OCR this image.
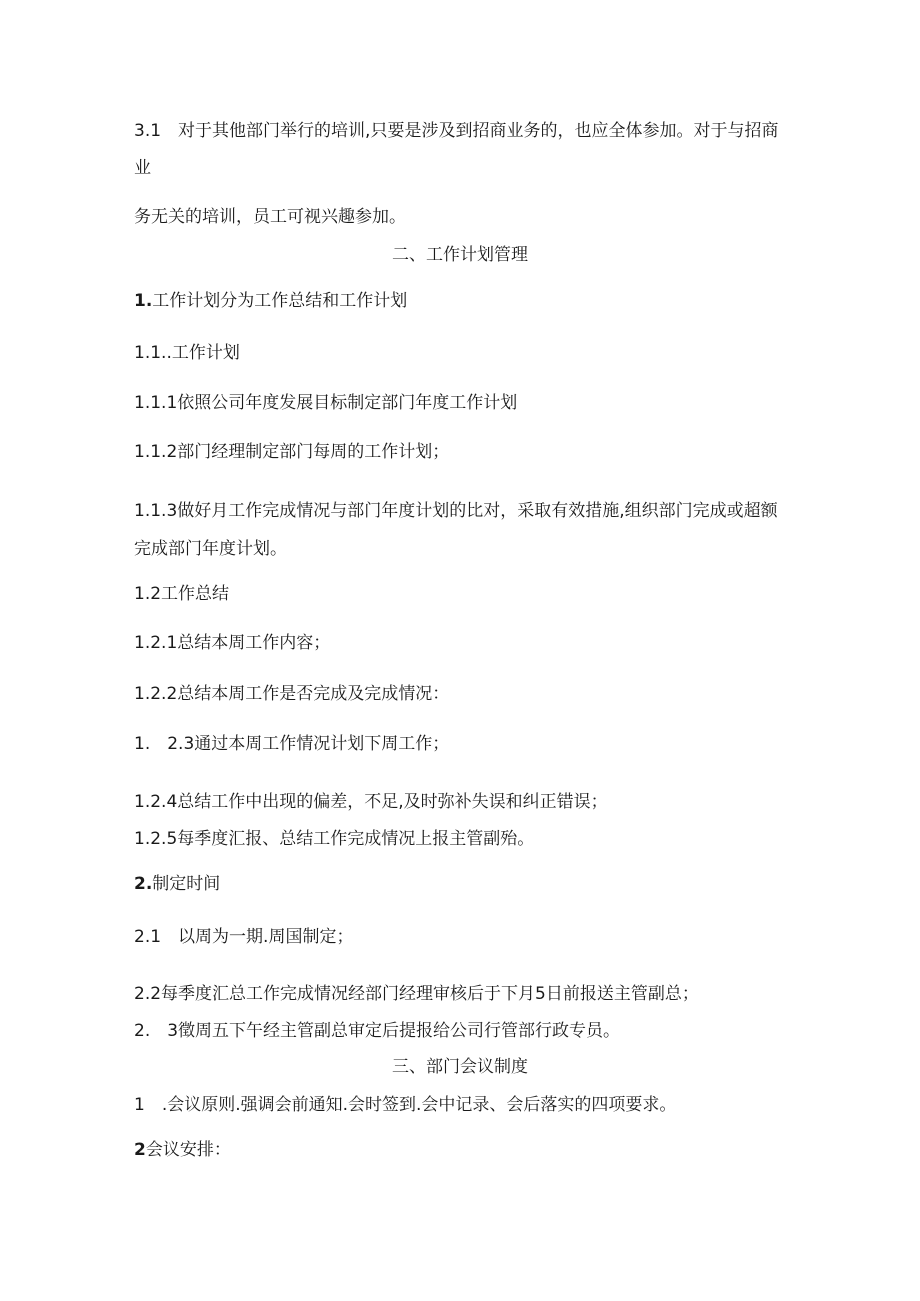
3.1　对于其他部门举行的培训,只要是涉及到招商业务的，也应全体参加。对于与招商
业
务无关的培训，员工可视兴趣参加。
二、工作计划管理
1.工作计划分为工作总结和工作计划
1.1..工作计划
1.1.1依照公司年度发展目标制定部门年度工作计划
1.1.2部门经理制定部门每周的工作计划；
1.1.3做好月工作完成情况与部门年度计划的比对，采取有效措施,组织部门完成或超额
完成部门年度计划。
1.2工作总结
1.2.1总结本周工作内容；
1.2.2总结本周工作是否完成及完成情况：
1.　2.3通过本周工作情况计划下周工作；
1.2.4总结工作中出现的偏差，不足,及时弥补失误和纠正错误；
1.2.5每季度汇报、总结工作完成情况上报主管副殆。
2.制定时间
2.1　以周为一期.周国制定；
2.2每季度汇总工作完成情况经部门经理审核后于下月5日前报送主管副总；
2.　3徵周五下午经主管副总审定后提报给公司行管部行政专员。
三、部门会议制度
1　.会议原则.强调会前通知.会时签到.会中记录、会后落实的四项要求。
2会议安排：
